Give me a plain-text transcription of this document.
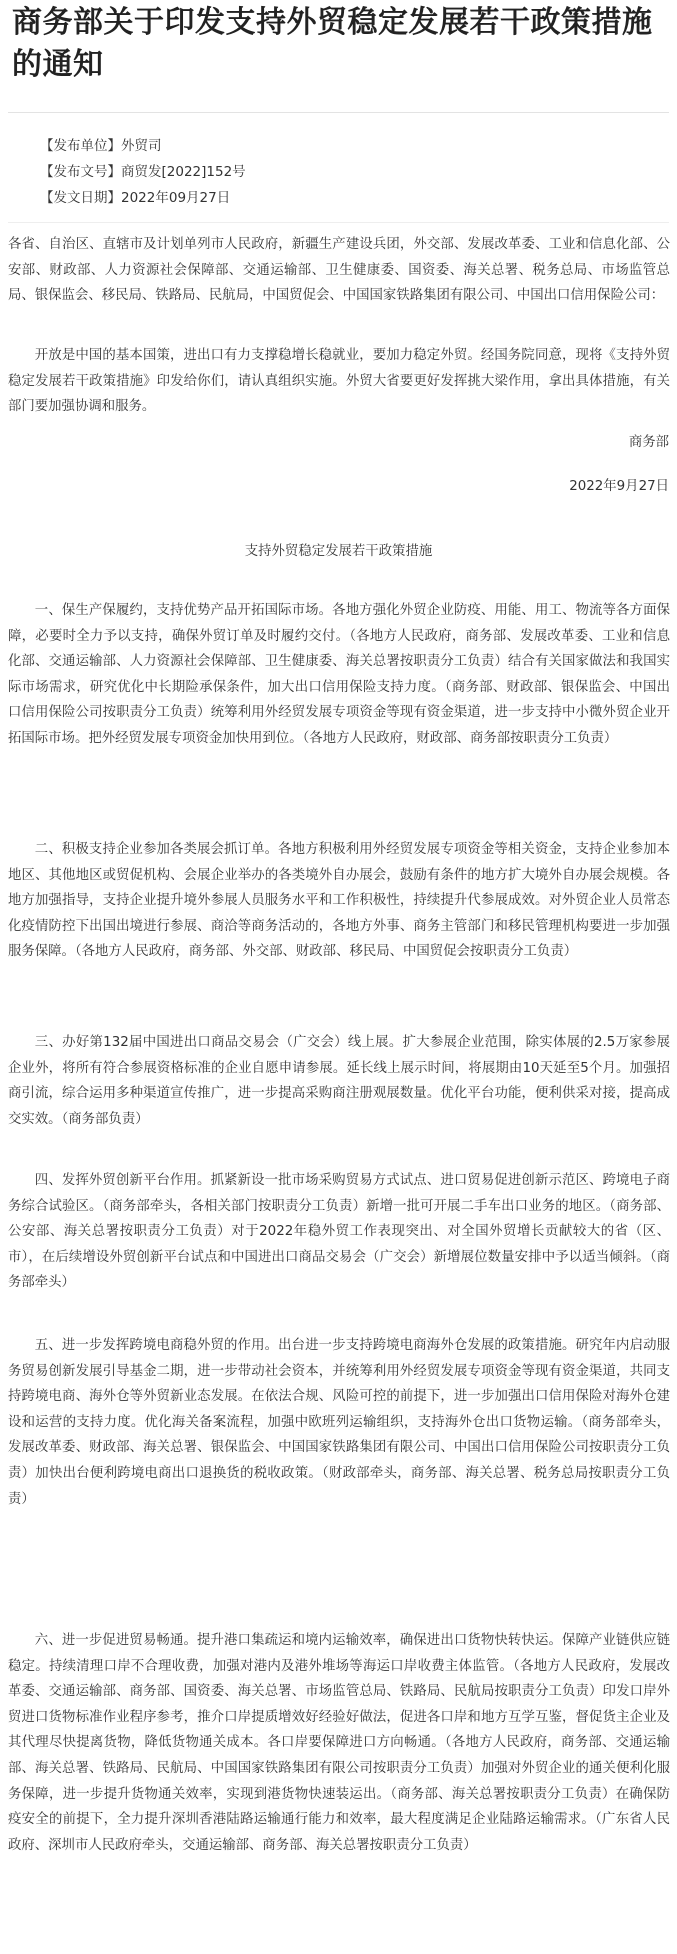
商务部关于印发支持外贸稳定发展若干政策措施的通知
【发布单位】外贸司
【发布文号】商贸发[2022]152号
【发文日期】2022年09月27日

各省、自治区、直辖市及计划单列市人民政府，新疆生产建设兵团，外交部、发展改革委、工业和信息化部、公安部、财政部、人力资源社会保障部、交通运输部、卫生健康委、国资委、海关总署、税务总局、市场监管总局、银保监会、移民局、铁路局、民航局，中国贸促会、中国国家铁路集团有限公司、中国出口信用保险公司：

开放是中国的基本国策，进出口有力支撑稳增长稳就业，要加力稳定外贸。经国务院同意，现将《支持外贸稳定发展若干政策措施》印发给你们，请认真组织实施。外贸大省要更好发挥挑大梁作用，拿出具体措施，有关部门要加强协调和服务。

商务部
2022年9月27日
支持外贸稳定发展若干政策措施

一、保生产保履约，支持优势产品开拓国际市场。各地方强化外贸企业防疫、用能、用工、物流等各方面保障，必要时全力予以支持，确保外贸订单及时履约交付。（各地方人民政府，商务部、发展改革委、工业和信息化部、交通运输部、人力资源社会保障部、卫生健康委、海关总署按职责分工负责）结合有关国家做法和我国实际市场需求，研究优化中长期险承保条件，加大出口信用保险支持力度。（商务部、财政部、银保监会、中国出口信用保险公司按职责分工负责）统筹利用外经贸发展专项资金等现有资金渠道，进一步支持中小微外贸企业开拓国际市场。把外经贸发展专项资金加快用到位。（各地方人民政府，财政部、商务部按职责分工负责）

二、积极支持企业参加各类展会抓订单。各地方积极利用外经贸发展专项资金等相关资金，支持企业参加本地区、其他地区或贸促机构、会展企业举办的各类境外自办展会，鼓励有条件的地方扩大境外自办展会规模。各地方加强指导，支持企业提升境外参展人员服务水平和工作积极性，持续提升代参展成效。对外贸企业人员常态化疫情防控下出国出境进行参展、商洽等商务活动的，各地方外事、商务主管部门和移民管理机构要进一步加强服务保障。（各地方人民政府，商务部、外交部、财政部、移民局、中国贸促会按职责分工负责）

三、办好第132届中国进出口商品交易会（广交会）线上展。扩大参展企业范围，除实体展的2.5万家参展企业外，将所有符合参展资格标准的企业自愿申请参展。延长线上展示时间，将展期由10天延至5个月。加强招商引流，综合运用多种渠道宣传推广，进一步提高采购商注册观展数量。优化平台功能，便利供采对接，提高成交实效。（商务部负责）

四、发挥外贸创新平台作用。抓紧新设一批市场采购贸易方式试点、进口贸易促进创新示范区、跨境电子商务综合试验区。（商务部牵头，各相关部门按职责分工负责）新增一批可开展二手车出口业务的地区。（商务部、公安部、海关总署按职责分工负责）对于2022年稳外贸工作表现突出、对全国外贸增长贡献较大的省（区、市），在后续增设外贸创新平台试点和中国进出口商品交易会（广交会）新增展位数量安排中予以适当倾斜。（商务部牵头）

五、进一步发挥跨境电商稳外贸的作用。出台进一步支持跨境电商海外仓发展的政策措施。研究年内启动服务贸易创新发展引导基金二期，进一步带动社会资本，并统筹利用外经贸发展专项资金等现有资金渠道，共同支持跨境电商、海外仓等外贸新业态发展。在依法合规、风险可控的前提下，进一步加强出口信用保险对海外仓建设和运营的支持力度。优化海关备案流程，加强中欧班列运输组织，支持海外仓出口货物运输。（商务部牵头，发展改革委、财政部、海关总署、银保监会、中国国家铁路集团有限公司、中国出口信用保险公司按职责分工负责）加快出台便利跨境电商出口退换货的税收政策。（财政部牵头，商务部、海关总署、税务总局按职责分工负责）

六、进一步促进贸易畅通。提升港口集疏运和境内运输效率，确保进出口货物快转快运。保障产业链供应链稳定。持续清理口岸不合理收费，加强对港内及港外堆场等海运口岸收费主体监管。（各地方人民政府，发展改革委、交通运输部、商务部、国资委、海关总署、市场监管总局、铁路局、民航局按职责分工负责）印发口岸外贸进口货物标准作业程序参考，推介口岸提质增效好经验好做法，促进各口岸和地方互学互鉴，督促货主企业及其代理尽快提离货物，降低货物通关成本。各口岸要保障进口方向畅通。（各地方人民政府，商务部、交通运输部、海关总署、铁路局、民航局、中国国家铁路集团有限公司按职责分工负责）加强对外贸企业的通关便利化服务保障，进一步提升货物通关效率，实现到港货物快速装运出。（商务部、海关总署按职责分工负责）在确保防疫安全的前提下，全力提升深圳香港陆路运输通行能力和效率，最大程度满足企业陆路运输需求。（广东省人民政府、深圳市人民政府牵头，交通运输部、商务部、海关总署按职责分工负责）
